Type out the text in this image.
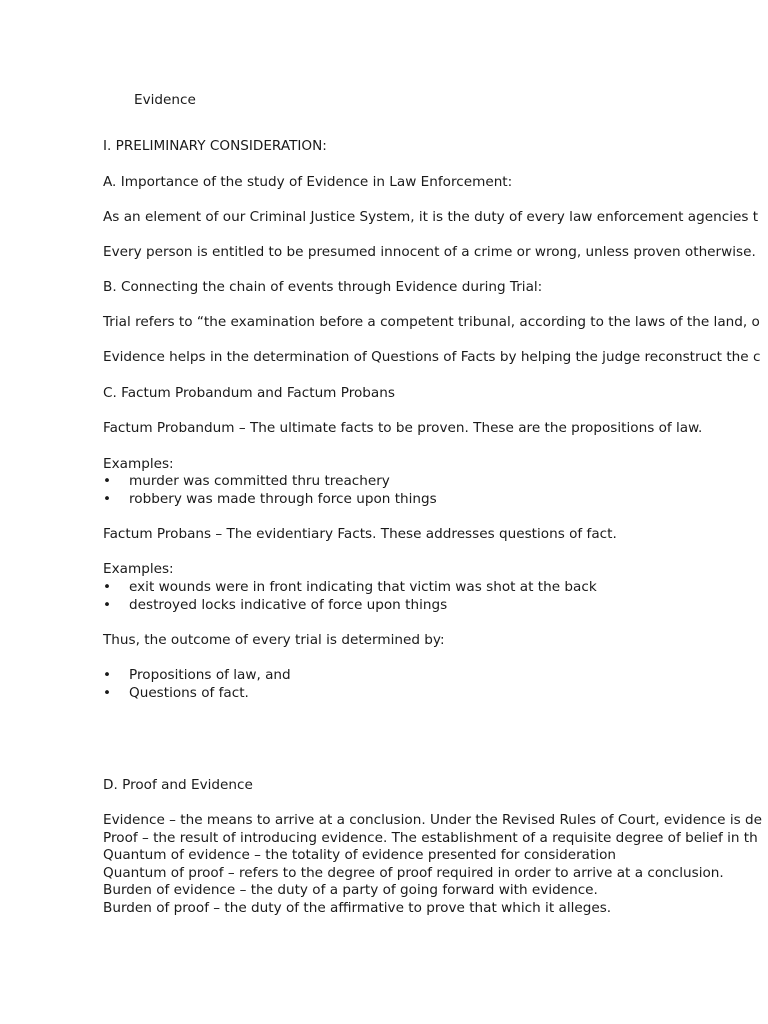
Evidence
I. PRELIMINARY CONSIDERATION:
A. Importance of the study of Evidence in Law Enforcement:
As an element of our Criminal Justice System, it is the duty of every law enforcement agencies t
Every person is entitled to be presumed innocent of a crime or wrong, unless proven otherwise.
B. Connecting the chain of events through Evidence during Trial:
Trial refers to “the examination before a competent tribunal, according to the laws of the land, o
Evidence helps in the determination of Questions of Facts by helping the judge reconstruct the c
C. Factum Probandum and Factum Probans
Factum Probandum – The ultimate facts to be proven. These are the propositions of law.
Examples:
• murder was committed thru treachery
• robbery was made through force upon things
Factum Probans – The evidentiary Facts. These addresses questions of fact.
Examples:
• exit wounds were in front indicating that victim was shot at the back
• destroyed locks indicative of force upon things
Thus, the outcome of every trial is determined by:
• Propositions of law, and
• Questions of fact.
D. Proof and Evidence
Evidence – the means to arrive at a conclusion. Under the Revised Rules of Court, evidence is de
Proof – the result of introducing evidence. The establishment of a requisite degree of belief in th
Quantum of evidence – the totality of evidence presented for consideration
Quantum of proof – refers to the degree of proof required in order to arrive at a conclusion.
Burden of evidence – the duty of a party of going forward with evidence.
Burden of proof – the duty of the affirmative to prove that which it alleges.
